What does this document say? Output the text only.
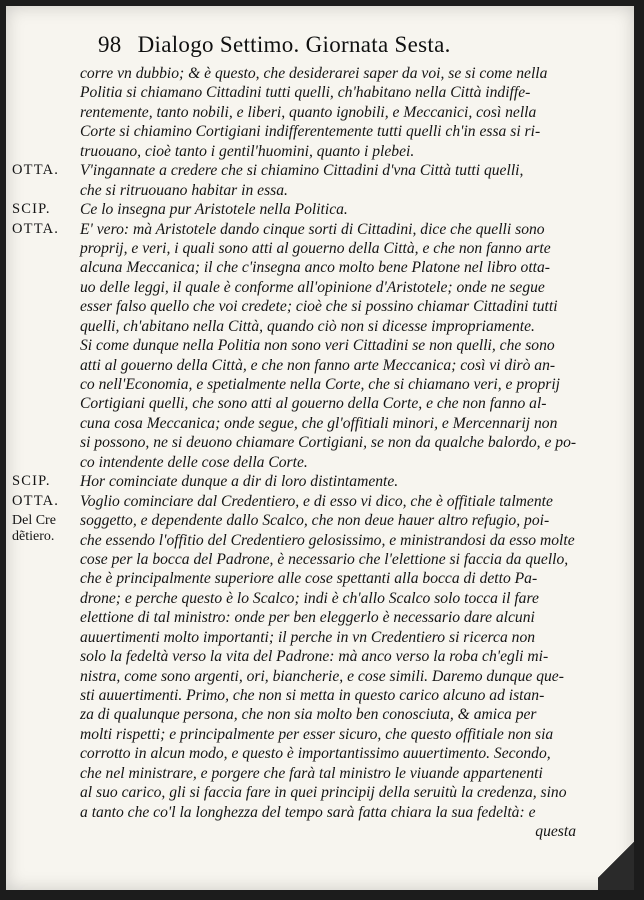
98 Dialogo Settimo. Giornata Sesta.
corre vn dubbio; & è questo, che desiderarei saper da voi, se si come nella
Politia si chiamano Cittadini tutti quelli, ch'habitano nella Città indiffe-
rentemente, tanto nobili, e liberi, quanto ignobili, e Meccanici, così nella
Corte si chiamino Cortigiani indifferentemente tutti quelli ch'in essa si ri-
truouano, cioè tanto i gentil'huomini, quanto i plebei.
V'ingannate a credere che si chiamino Cittadini d'vna Città tutti quelli,
OTTA.
che si ritruouano habitar in essa.
Ce lo insegna pur Aristotele nella Politica.
SCIP.
E' vero: mà Aristotele dando cinque sorti di Cittadini, dice che quelli sono
OTTA.
proprij, e veri, i quali sono atti al gouerno della Città, e che non fanno arte
alcuna Meccanica; il che c'insegna anco molto bene Platone nel libro otta-
uo delle leggi, il quale è conforme all'opinione d'Aristotele; onde ne segue
esser falso quello che voi credete; cioè che si possino chiamar Cittadini tutti
quelli, ch'abitano nella Città, quando ciò non si dicesse impropriamente.
Si come dunque nella Politia non sono veri Cittadini se non quelli, che sono
atti al gouerno della Città, e che non fanno arte Meccanica; così vi dirò an-
co nell'Economia, e spetialmente nella Corte, che si chiamano veri, e proprij
Cortigiani quelli, che sono atti al gouerno della Corte, e che non fanno al-
cuna cosa Meccanica; onde segue, che gl'offitiali minori, e Mercennarij non
si possono, ne si deuono chiamare Cortigiani, se non da qualche balordo, e po-
co intendente delle cose della Corte.
Hor cominciate dunque a dir di loro distintamente.
SCIP.
Voglio cominciare dal Credentiero, e di esso vi dico, che è offitiale talmente
OTTA.
soggetto, e dependente dallo Scalco, che non deue hauer altro refugio, poi-
che essendo l'offitio del Credentiero gelosissimo, e ministrandosi da esso molte
cose per la bocca del Padrone, è necessario che l'elettione si faccia da quello,
che è principalmente superiore alle cose spettanti alla bocca di detto Pa-
drone; e perche questo è lo Scalco; indi è ch'allo Scalco solo tocca il fare
elettione di tal ministro: onde per ben eleggerlo è necessario dare alcuni
auuertimenti molto importanti; il perche in vn Credentiero si ricerca non
solo la fedeltà verso la vita del Padrone: mà anco verso la roba ch'egli mi-
nistra, come sono argenti, ori, biancherie, e cose simili. Daremo dunque que-
sti auuertimenti. Primo, che non si metta in questo carico alcuno ad istan-
za di qualunque persona, che non sia molto ben conosciuta, & amica per
molti rispetti; e principalmente per esser sicuro, che questo offitiale non sia
corrotto in alcun modo, e questo è importantissimo auuertimento. Secondo,
che nel ministrare, e porgere che farà tal ministro le viuande appartenenti
al suo carico, gli si faccia fare in quei principij della seruitù la credenza, sino
a tanto che co'l la longhezza del tempo sarà fatta chiara la sua fedeltà: e
questa
Del Cre
dẽtiero.
